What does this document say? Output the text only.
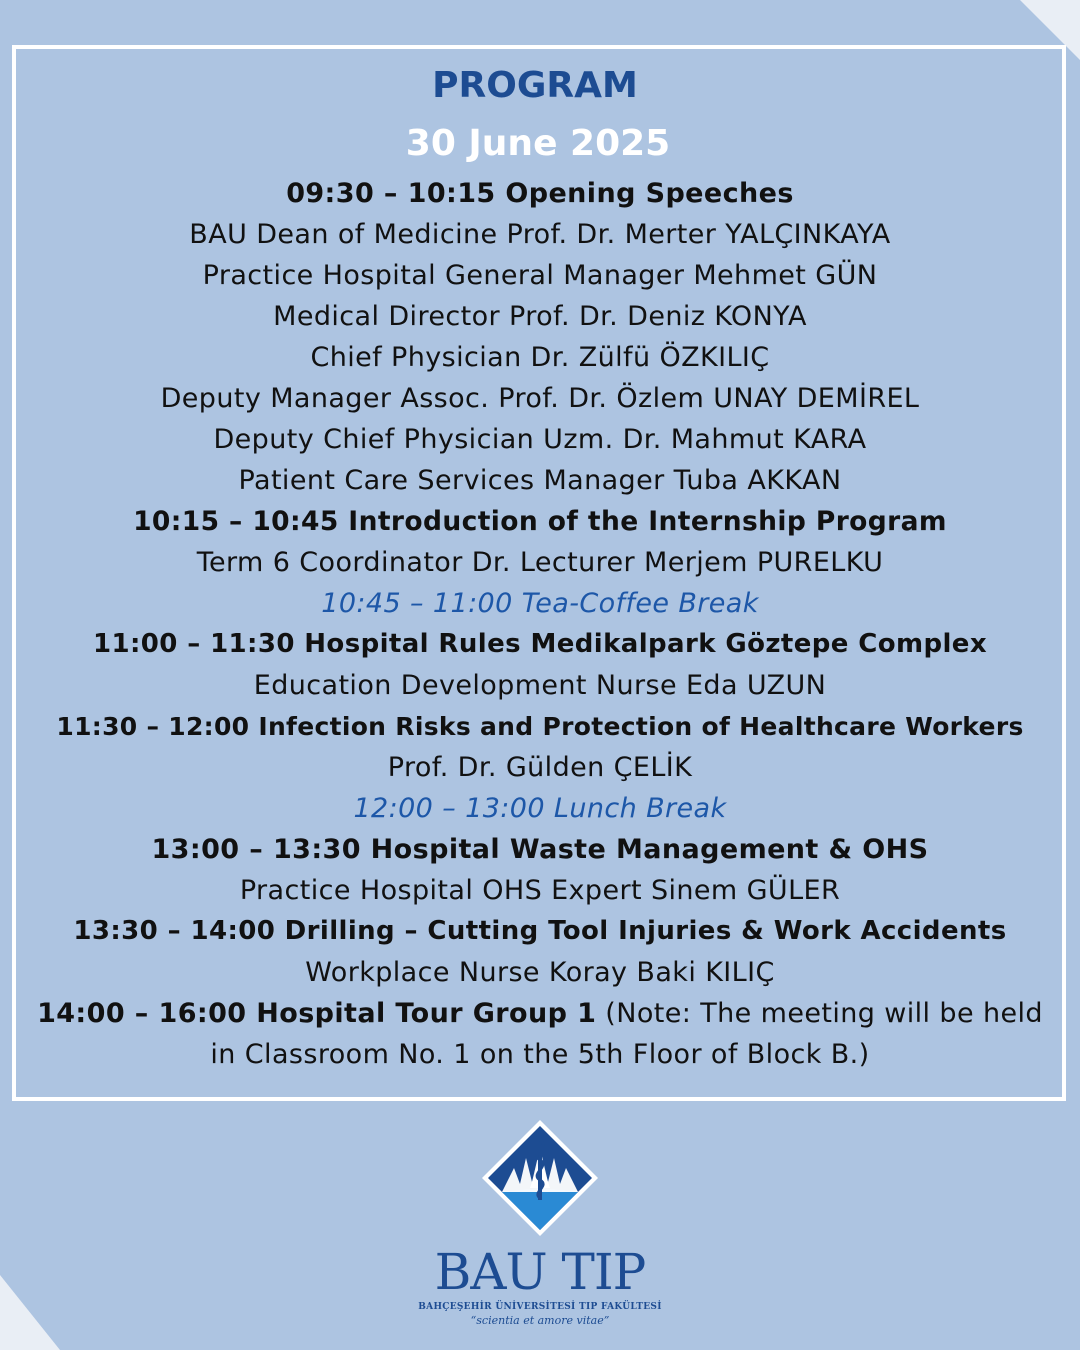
PROGRAM
30 June 2025
09:30 – 10:15 Opening Speeches
BAU Dean of Medicine Prof. Dr. Merter YALÇINKAYA
Practice Hospital General Manager Mehmet GÜN
Medical Director Prof. Dr. Deniz KONYA
Chief Physician Dr. Zülfü ÖZKILIÇ
Deputy Manager Assoc. Prof. Dr. Özlem UNAY DEMİREL
Deputy Chief Physician Uzm. Dr. Mahmut KARA
Patient Care Services Manager Tuba AKKAN
10:15 – 10:45 Introduction of the Internship Program
Term 6 Coordinator Dr. Lecturer Merjem PURELKU
10:45 – 11:00 Tea-Coffee Break
11:00 – 11:30 Hospital Rules Medikalpark Göztepe Complex
Education Development Nurse Eda UZUN
11:30 – 12:00 Infection Risks and Protection of Healthcare Workers
Prof. Dr. Gülden ÇELİK
12:00 – 13:00 Lunch Break
13:00 – 13:30 Hospital Waste Management & OHS
Practice Hospital OHS Expert Sinem GÜLER
13:30 – 14:00 Drilling – Cutting Tool Injuries & Work Accidents
Workplace Nurse Koray Baki KILIÇ
14:00 – 16:00 Hospital Tour Group 1 (Note: The meeting will be held in Classroom No. 1 on the 5th Floor of Block B.)
BAU TIP
BAHÇEŞEHİR ÜNİVERSİTESİ TIP FAKÜLTESİ
“scientia et amore vitae”
